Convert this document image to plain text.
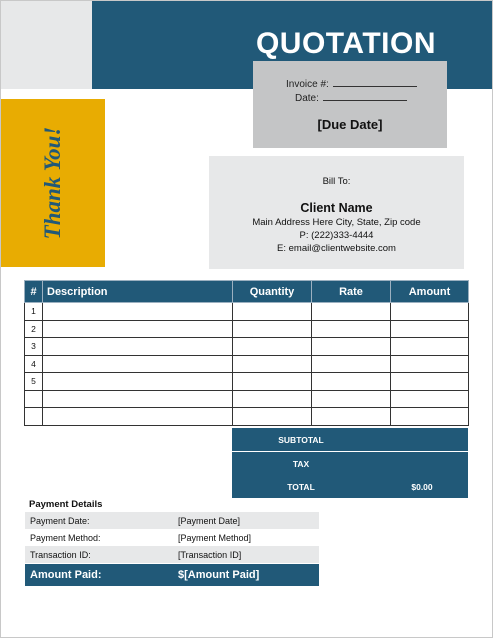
QUOTATION
Invoice #:
Date:
[Due Date]
Thank You!	Bill To:
Client Name
Main Address Here City, State, Zip code
P: (222)333-4444
E: email@clientwebsite.com
#	Description	Quantity	Rate	Amount
1				
2				
3				
4				
5				

SUBTOTAL
TAX
TOTAL	$0.00
Payment Details
Payment Date:	[Payment Date]
Payment Method:	[Payment Method]
Transaction ID:	[Transaction ID]
Amount Paid:	$[Amount Paid]
